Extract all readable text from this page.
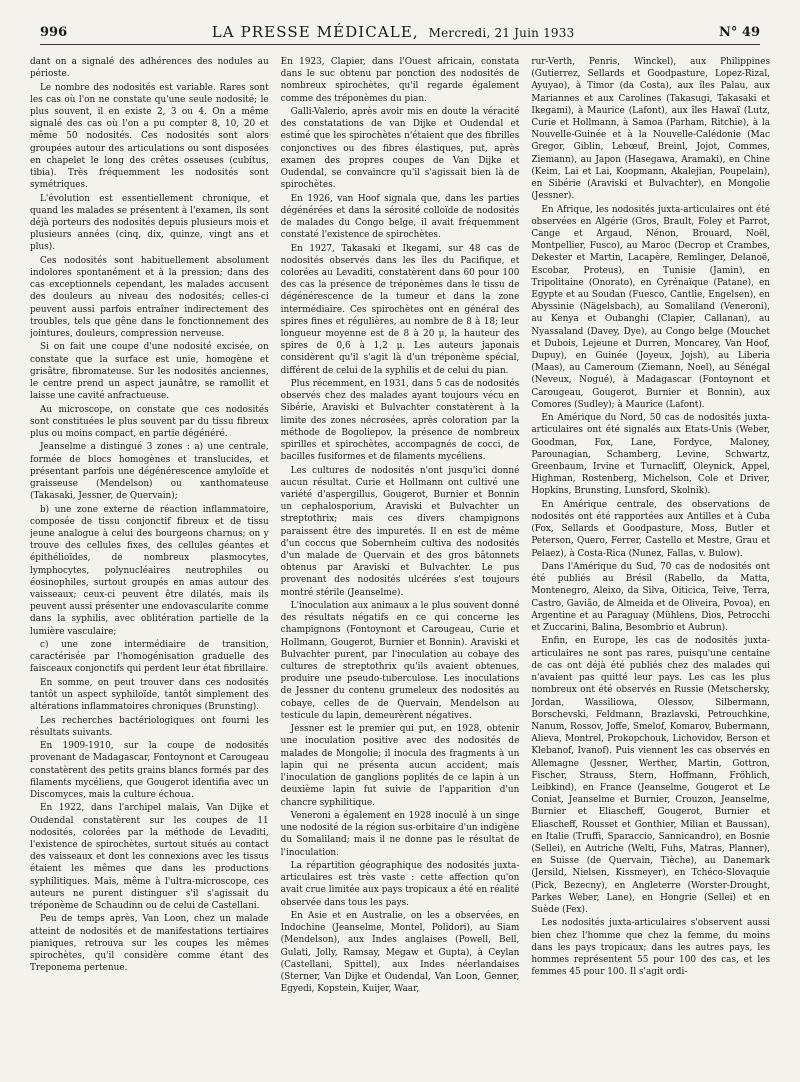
996	LA PRESSE MÉDICALE, Mercredi, 21 Juin 1933	N° 49

dant on a signalé des adhérences des nodules au périoste.

Le nombre des nodosités est variable. Rares sont les cas où l'on ne constate qu'une seule nodosité; le plus souvent, il en existe 2, 3 ou 4. On a même signalé des cas où l'on a pu compter 8, 10, 20 et même 50 nodosités. Ces nodosités sont alors groupées autour des articulations ou sont disposées en chapelet le long des crêtes osseuses (cubitus, tibia). Très fréquemment les nodosités sont symétriques.

L'évolution est essentiellement chronique, et quand les malades se présentent à l'examen, ils sont déjà porteurs des nodosités depuis plusieurs mois et plusieurs années (cinq, dix, quinze, vingt ans et plus).

Ces nodosités sont habituellement absolument indolores spontanément et à la pression; dans des cas exceptionnels cependant, les malades accusent des douleurs au niveau des nodosités; celles-ci peuvent aussi parfois entraîner indirectement des troubles, tels que gêne dans le fonctionnement des jointures, douleurs, compression nerveuse.

Si on fait une coupe d'une nodosité excisée, on constate que la surface est unie, homogène et grisâtre, fibromateuse. Sur les nodosités anciennes, le centre prend un aspect jaunâtre, se ramollit et laisse une cavité anfractueuse.

Au microscope, on constate que ces nodosités sont constituées le plus souvent par du tissu fibreux plus ou moins compact, en partie dégénéré.

Jeanselme a distingué 3 zones : a) une centrale, formée de blocs homogènes et translucides, et présentant parfois une dégénérescence amyloïde et graisseuse (Mendelson) ou xanthomateuse (Takasaki, Jessner, de Quervain);

b) une zone externe de réaction inflammatoire, composée de tissu conjonctif fibreux et de tissu jeune analogue à celui des bourgeons charnus; on y trouve des cellules fixes, des cellules géantes et épithélioïdes, de nombreux plasmocytes, lymphocytes, polynucléaires neutrophiles ou éosinophiles, surtout groupés en amas autour des vaisseaux; ceux-ci peuvent être dilatés, mais ils peuvent aussi présenter une endovascularite comme dans la syphilis, avec oblitération partielle de la lumière vasculaire;

c) une zone intermédiaire de transition, caractérisée par l'homogénisation graduelle des faisceaux conjonctifs qui perdent leur état fibrillaire.

En somme, on peut trouver dans ces nodosités tantôt un aspect syphiloïde, tantôt simplement des altérations inflammatoires chroniques (Brunsting).

Les recherches bactériologiques ont fourni les résultats suivants.

En 1909-1910, sur la coupe de nodosités provenant de Madagascar, Fontoynont et Carougeau constatèrent des petits grains blancs formés par des filaments mycéliens, que Gougerot identifia avec un Discomyces, mais la culture échoua.

En 1922, dans l'archipel malais, Van Dijke et Oudendal constatèrent sur les coupes de 11 nodosités, colorées par la méthode de Levaditi, l'existence de spirochètes, surtout situés au contact des vaisseaux et dont les connexions avec les tissus étaient les mêmes que dans les productions syphilitiques. Mais, même à l'ultra-microscope, ces auteurs ne purent distinguer s'il s'agissait du tréponème de Schaudinn ou de celui de Castellani.

Peu de temps après, Van Loon, chez un malade atteint de nodosités et de manifestations tertiaires pianiques, retrouva sur les coupes les mêmes spirochètes, qu'il considère comme étant des Treponema pertenue.

En 1923, Clapier, dans l'Ouest africain, constata dans le suc obtenu par ponction des nodosités de nombreux spirochètes, qu'il regarde également comme des tréponèmes du pian.

Galli-Valerio, après avoir mis en doute la véracité des constatations de van Dijke et Oudendal et estimé que les spirochètes n'étaient que des fibrilles conjonctives ou des fibres élastiques, put, après examen des propres coupes de Van Dijke et Oudendal, se convaincre qu'il s'agissait bien là de spirochètes.

En 1926, van Hoof signala que, dans les parties dégénérées et dans la sérosité colloïde de nodosités de malades du Congo belge, il avait fréquemment constaté l'existence de spirochètes.

En 1927, Takasaki et Ikegami, sur 48 cas de nodosités observés dans les îles du Pacifique, et colorées au Levaditi, constatèrent dans 60 pour 100 des cas la présence de tréponèmes dans le tissu de dégénérescence de la tumeur et dans la zone intermédiaire. Ces spirochètes ont en général des spires fines et régulières, au nombre de 8 à 18; leur longueur moyenne est de 8 à 20 μ, la hauteur des spires de 0,6 à 1,2 μ. Les auteurs japonais considèrent qu'il s'agit là d'un tréponème spécial, différent de celui de la syphilis et de celui du pian.

Plus récemment, en 1931, dans 5 cas de nodosités observés chez des malades ayant toujours vécu en Sibérie, Araviski et Bulvachter constatèrent à la limite des zones nécrosées, après coloration par la méthode de Bogoliepov, la présence de nombreux spirilles et spirochètes, accompagnés de cocci, de bacilles fusiformes et de filaments mycéliens.

Les cultures de nodosités n'ont jusqu'ici donné aucun résultat. Curie et Hollmann ont cultivé une variété d'aspergillus, Gougerot, Burnier et Bonnin un cephalosporium, Araviski et Bulvachter un streptothrix; mais ces divers champignons paraissent être des impuretés. Il en est de même d'un coccus que Sobernheim cultiva des nodosités d'un malade de Quervain et des gros bâtonnets obtenus par Araviski et Bulvachter. Le pus provenant des nodosités ulcérées s'est toujours montré stérile (Jeanselme).

L'inoculation aux animaux a le plus souvent donné des résultats négatifs en ce qui concerne les champignons (Fontoynont et Carougeau, Curie et Hollmann, Gougerot, Burnier et Bonnin). Araviski et Bulvachter purent, par l'inoculation au cobaye des cultures de streptothrix qu'ils avaient obtenues, produire une pseudo-tuberculose. Les inoculations de Jessner du contenu grumeleux des nodosités au cobaye, celles de de Quervain, Mendelson au testicule du lapin, demeurèrent négatives.

Jessner est le premier qui put, en 1928, obtenir une inoculation positive avec des nodosités de malades de Mongolie; il inocula des fragments à un lapin qui ne présenta aucun accident; mais l'inoculation de ganglions poplités de ce lapin à un deuxième lapin fut suivie de l'apparition d'un chancre syphilitique.

Veneroni a également en 1928 inoculé à un singe une nodosité de la région sus-orbitaire d'un indigène du Somaliland; mais il ne donne pas le résultat de l'inoculation.

La répartition géographique des nodosités juxta-articulaires est très vaste : cette affection qu'on avait crue limitée aux pays tropicaux a été en réalité observée dans tous les pays.

En Asie et en Australie, on les a observées, en Indochine (Jeanselme, Montel, Polidori), au Siam (Mendelson), aux Indes anglaises (Powell, Bell, Gulati, Jolly, Ramsay, Megaw et Gupta), à Ceylan (Castellani, Spittel), aux Indes néerlandaises (Sterner, Van Dijke et Oudendal, Van Loon, Genner, Egyedi, Kopstein, Kuijer, Waar,

rur-Verth, Penris, Winckel), aux Philippines (Gutierrez, Sellards et Goodpasture, Lopez-Rizal, Ayuyao), à Timor (da Costa), aux îles Palau, aux Mariannes et aux Carolines (Takasugi, Takasaki et Ikegami), à Maurice (Lafont), aux îles Hawaï (Lutz, Curie et Hollmann, à Samoa (Parham, Ritchie), à la Nouvelle-Guinée et à la Nouvelle-Calédonie (Mac Gregor, Giblin, Lebœuf, Breinl, Jojot, Commes, Ziemann), au Japon (Hasegawa, Aramaki), en Chine (Keim, Lai et Lai, Koopmann, Akalejian, Poupelain), en Sibérie (Araviski et Bulvachter), en Mongolie (Jessner).

En Afrique, les nodosités juxta-articulaires ont été observées en Algérie (Gros, Brault, Foley et Parrot, Cange et Argaud, Nénon, Brouard, Noël, Montpellier, Fusco), au Maroc (Decrop et Crambes, Dekester et Martin, Lacapère, Remlinger, Delanoë, Escobar, Proteus), en Tunisie (Jamin), en Tripolitaine (Onorato), en Cyrénaïque (Patane), en Egypte et au Soudan (Fuesco, Cantlie, Engelsen), en Abyssinie (Nägelsbach), au Somaliland (Veneroni), au Kenya et Oubanghi (Clapier, Callanan), au Nyassaland (Davey, Dye), au Congo belge (Mouchet et Dubois, Lejeune et Durren, Moncarey, Van Hoof, Dupuy), en Guinée (Joyeux, Jojsh), au Liberia (Maas), au Cameroum (Ziemann, Noel), au Sénégal (Neveux, Nogué), à Madagascar (Fontoynont et Carougeau, Gougerot, Burnier et Bonnin), aux Comores (Sudley); à Maurice (Lafont).

En Amérique du Nord, 50 cas de nodosités juxta-articulaires ont été signalés aux Etats-Unis (Weber, Goodman, Fox, Lane, Fordyce, Maloney, Parounagian, Schamberg, Levine, Schwartz, Greenbaum, Irvine et Turnacliff, Oleynick, Appel, Highman, Rostenberg, Michelson, Cole et Driver, Hopkins, Brunsting, Lunsford, Skolnik).

En Amérique centrale, des observations de nodosités ont été rapportées aux Antilles et à Cuba (Fox, Sellards et Goodpasture, Moss, Butler et Peterson, Quero, Ferrer, Castello et Mestre, Grau et Pelaez), à Costa-Rica (Nunez, Fallas, v. Bulow).

Dans l'Amérique du Sud, 70 cas de nodosités ont été publiés au Brésil (Rabello, da Matta, Montenegro, Aleixo, da Silva, Oiticica, Teive, Terra, Castro, Gavião, de Almeida et de Oliveira, Povoa), en Argentine et au Paraguay (Mühlens, Dios, Petrocchi et Zuccarini, Balina, Besombrio et Aubrun).

Enfin, en Europe, les cas de nodosités juxta-articulaires ne sont pas rares, puisqu'une centaine de cas ont déjà été publiés chez des malades qui n'avaient pas quitté leur pays. Les cas les plus nombreux ont été observés en Russie (Metschersky, Jordan, Wassiliowa, Olessov, Silbermann, Borschevski, Feldmann, Brazlavski, Petrouchkine, Nanum, Rossov, Joffe, Smelof, Komarov, Bubermann, Alieva, Montrel, Prokopchouk, Lichovidov, Berson et Klebanof, Ivanof). Puis viennent les cas observés en Allemagne (Jessner, Werther, Martin, Gottron, Fischer, Strauss, Stern, Hoffmann, Fröhlich, Leibkind), en France (Jeanselme, Gougerot et Le Coniat, Jeanselme et Burnier, Crouzon, Jeanselme, Burnier et Eliascheff, Gougerot, Burnier et Eliascheff, Rousset et Gonthier, Milian et Baussan), en Italie (Truffi, Sparaccio, Sannicandro), en Bosnie (Sellei), en Autriche (Welti, Fuhs, Matras, Planner), en Suisse (de Quervain, Tièche), au Danemark (Jersild, Nielsen, Kissmeyer), en Tchéco-Slovaquie (Pick, Bezecny), en Angleterre (Worster-Drought, Parkes Weber, Lane), en Hongrie (Sellei) et en Suède (Fex).

Les nodosités juxta-articulaires s'observent aussi bien chez l'homme que chez la femme, du moins dans les pays tropicaux; dans les autres pays, les hommes représentent 55 pour 100 des cas, et les femmes 45 pour 100. Il s'agit ordi-
